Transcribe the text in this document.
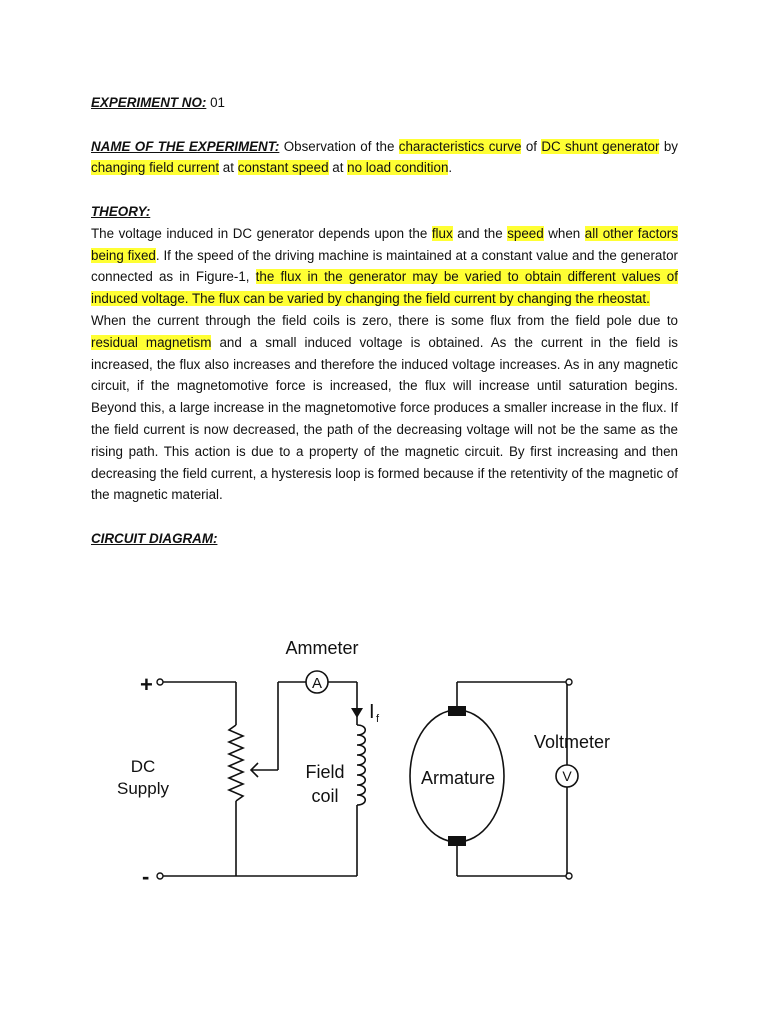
EXPERIMENT NO: 01

NAME OF THE EXPERIMENT: Observation of the characteristics curve of DC shunt generator by changing field current at constant speed at no load condition.

THEORY:

The voltage induced in DC generator depends upon the flux and the speed when all other factors being fixed. If the speed of the driving machine is maintained at a constant value and the generator connected as in Figure-1, the flux in the generator may be varied to obtain different values of induced voltage. The flux can be varied by changing the field current by changing the rheostat.

When the current through the field coils is zero, there is some flux from the field pole due to residual magnetism and a small induced voltage is obtained. As the current in the field is increased, the flux also increases and therefore the induced voltage increases. As in any magnetic circuit, if the magnetomotive force is increased, the flux will increase until saturation begins. Beyond this, a large increase in the magnetomotive force produces a smaller increase in the flux. If the field current is now decreased, the path of the decreasing voltage will not be the same as the rising path. This action is due to a property of the magnetic circuit. By first increasing and then decreasing the field current, a hysteresis loop is formed because if the retentivity of the magnetic of the magnetic material.

CIRCUIT DIAGRAM:

Ammeter
A
I f
+
-
DC
Supply
Field
coil
Armature
Voltmeter
V
